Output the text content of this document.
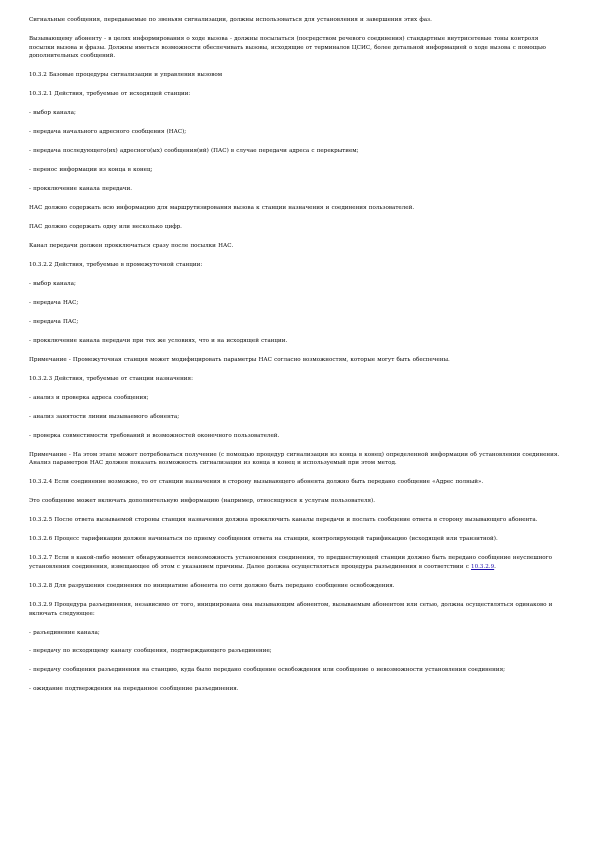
Сигнальные сообщения, передаваемые по звеньям сигнализации, должны использоваться для установления и завершения этих фаз.

Вызывающему абоненту - в целях информирования о ходе вызова - должны посылаться (посредством речевого соединения) стандартные внутрисетевые тоны контроля посылки вызова и фразы. Должны иметься возможности обеспечивать вызовы, исходящие от терминалов ЦСИС, более детальной информацией о ходе вызова с помощью дополнительных сообщений.

10.3.2 Базовые процедуры сигнализации и управления вызовом

10.3.2.1 Действия, требуемые от исходящей станции:

- выбор канала;

- передача начального адресного сообщения (НАС);

- передача последующего(их) адресного(ых) сообщения(ий) (ПАС) в случае передачи адреса с перекрытием;

- перенос информации из конца в конец;

- прокключение канала передачи.

НАС должно содержать всю информацию для маршрутизирования вызова к станции назначения и соединения пользователей.

ПАС должно содержать одну или несколько цифр.

Канал передачи должен прокключаться сразу после посылки НАС.

10.3.2.2 Действия, требуемые в промежуточной станции:

- выбор канала;

- передача НАС;

- передача ПАС;

- прокключение канала передачи при тех же условиях, что и на исходящей станции.

Примечание - Промежуточная станция может модифицировать параметры НАС согласно возможностям, которые могут быть обеспечены.

10.3.2.3 Действия, требуемые от станции назначения:

- анализ и проверка адреса сообщения;

- анализ занятости линии вызываемого абонента;

- проверка совместимости требований и возможностей оконечного пользователей.

Примечание - На этом этапе может потребоваться получение (с помощью процедур сигнализации из конца в конец) определенной информации об установлении соединения. Анализ параметров НАС должен показать возможность сигнализации из конца в конец и используемый при этом метод.

10.3.2.4 Если соединение возможно, то от станции назначения в сторону вызывающего абонента должно быть передано сообщение «Адрес полный».

Это сообщение может включать дополнительную информацию (например, относящуюся к услугам пользователя).

10.3.2.5 После ответа вызываемой стороны станция назначения должна прокключить каналы передачи и послать сообщение ответа в сторону вызывающего абонента.

10.3.2.6 Процесс тарификации должен начинаться по приему сообщения ответа на станции, контролирующей тарификацию (исходящей или транзитной).

10.3.2.7 Если в какой-либо момент обнаруживается невозможность установления соединения, то предшествующей станции должно быть передано сообщение неуспешного установления соединения, извещающее об этом с указанием причины. Далее должна осуществляться процедура разъединения в соответствии с 10.3.2.9.

10.3.2.8 Для разрушения соединения по инициативе абонента по сети должно быть передано сообщение освобождения.

10.3.2.9 Процедура разъединения, независимо от того, инициирована она вызывающим абонентом, вызываемым абонентом или сетью, должна осуществляться одинаково и включать следующее:

- разъединение канала;

- передачу по исходящему каналу сообщения, подтверждающего разъединение;

- передачу сообщения разъединения на станцию, куда было передано сообщение освобождения или сообщение о невозможности установления соединения;

- ожидание подтверждения на переданное сообщение разъединения.
